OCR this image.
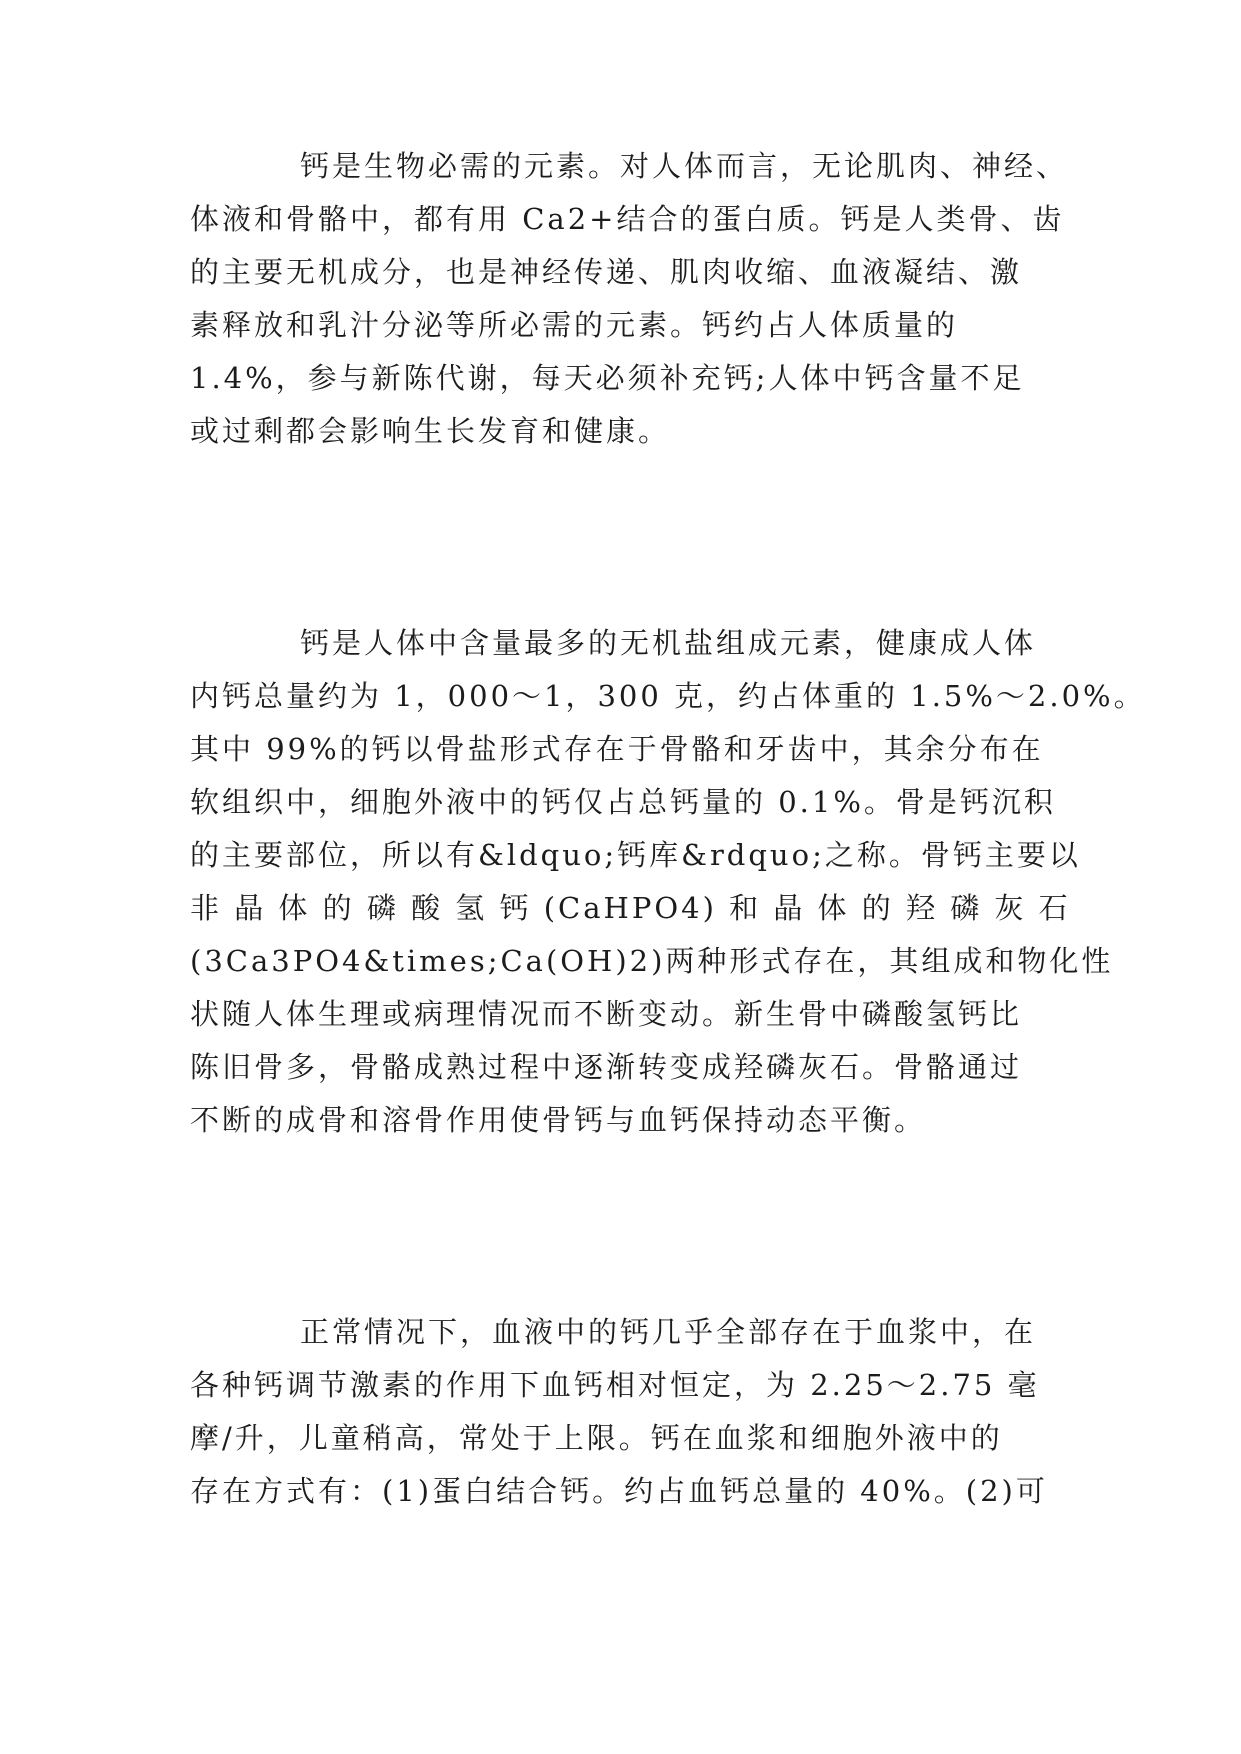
钙是生物必需的元素。对人体而言，无论肌肉、神经、

体液和骨骼中，都有用 Ca2+结合的蛋白质。钙是人类骨、齿

的主要无机成分，也是神经传递、肌肉收缩、血液凝结、激

素释放和乳汁分泌等所必需的元素。钙约占人体质量的

1.4%，参与新陈代谢，每天必须补充钙;人体中钙含量不足

或过剩都会影响生长发育和健康。

钙是人体中含量最多的无机盐组成元素，健康成人体

内钙总量约为 1，000～1，300 克，约占体重的 1.5%～2.0%。

其中 99%的钙以骨盐形式存在于骨骼和牙齿中，其余分布在

软组织中，细胞外液中的钙仅占总钙量的 0.1%。骨是钙沉积

的主要部位，所以有&ldquo;钙库&rdquo;之称。骨钙主要以

非 晶 体 的 磷 酸 氢 钙 (CaHPO4) 和 晶 体 的 羟 磷 灰 石

(3Ca3PO4&times;Ca(OH)2)两种形式存在，其组成和物化性

状随人体生理或病理情况而不断变动。新生骨中磷酸氢钙比

陈旧骨多，骨骼成熟过程中逐渐转变成羟磷灰石。骨骼通过

不断的成骨和溶骨作用使骨钙与血钙保持动态平衡。

正常情况下，血液中的钙几乎全部存在于血浆中，在

各种钙调节激素的作用下血钙相对恒定，为 2.25～2.75 毫

摩/升，儿童稍高，常处于上限。钙在血浆和细胞外液中的

存在方式有：(1)蛋白结合钙。约占血钙总量的 40%。(2)可
